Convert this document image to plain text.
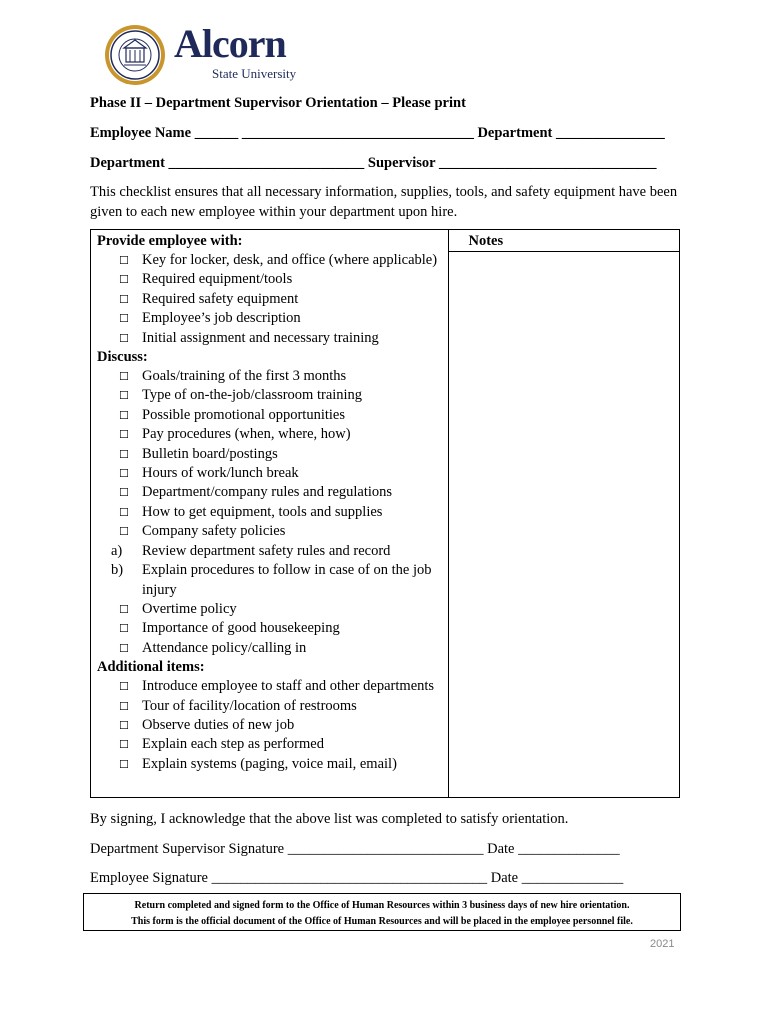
Alcorn
State University
Phase II – Department Supervisor Orientation – Please print
Employee Name ______ ________________________________ Department _______________
Department ___________________________ Supervisor ______________________________
This checklist ensures that all necessary information, supplies, tools, and safety equipment have been given to each new employee within your department upon hire.
Provide employee with:
☐ Key for locker, desk, and office (where applicable)
☐ Required equipment/tools
☐ Required safety equipment
☐ Employee’s job description
☐ Initial assignment and necessary training
Discuss:
☐ Goals/training of the first 3 months
☐ Type of on-the-job/classroom training
☐ Possible promotional opportunities
☐ Pay procedures (when, where, how)
☐ Bulletin board/postings
☐ Hours of work/lunch break
☐ Department/company rules and regulations
☐ How to get equipment, tools and supplies
☐ Company safety policies
a)	Review department safety rules and record
b)	Explain procedures to follow in case of on the job injury
☐ Overtime policy
☐ Importance of good housekeeping
☐ Attendance policy/calling in
Additional items:
☐ Introduce employee to staff and other departments
☐ Tour of facility/location of restrooms
☐ Observe duties of new job
☐ Explain each step as performed
☐ Explain systems (paging, voice mail, email)

Notes
By signing, I acknowledge that the above list was completed to satisfy orientation.
Department Supervisor Signature ___________________________ Date ______________
Employee Signature ______________________________________ Date ______________
Return completed and signed form to the Office of Human Resources within 3 business days of new hire orientation.
This form is the official document of the Office of Human Resources and will be placed in the employee personnel file.
2021
